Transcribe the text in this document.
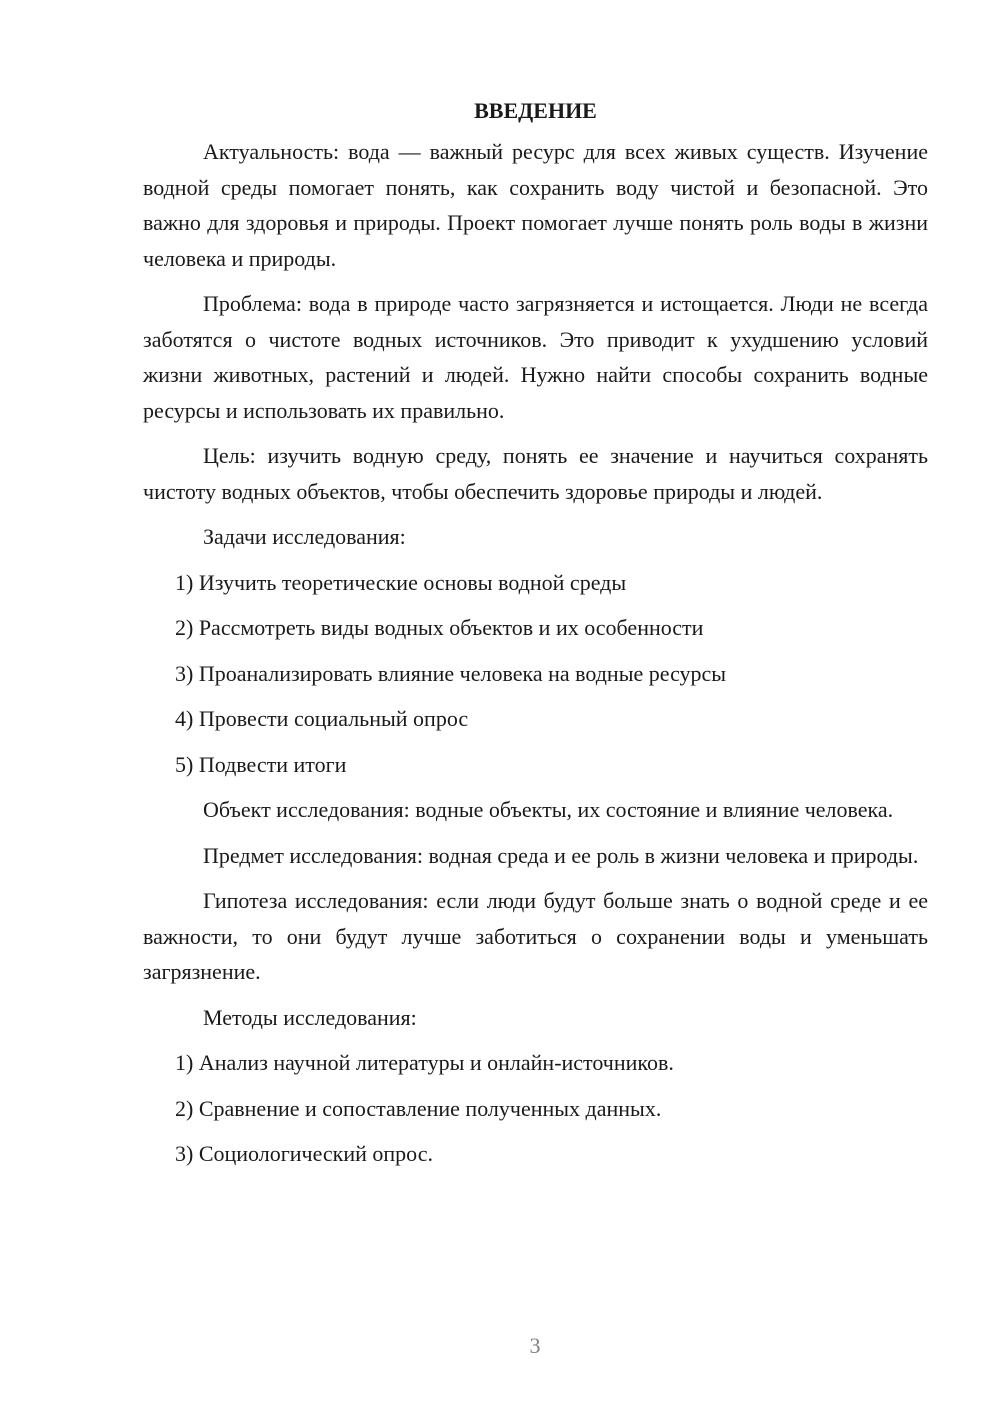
ВВЕДЕНИЕ

Актуальность: вода — важный ресурс для всех живых существ. Изучение водной среды помогает понять, как сохранить воду чистой и безопасной. Это важно для здоровья и природы. Проект помогает лучше понять роль воды в жизни человека и природы.

Проблема: вода в природе часто загрязняется и истощается. Люди не всегда заботятся о чистоте водных источников. Это приводит к ухудшению условий жизни животных, растений и людей. Нужно найти способы сохранить водные ресурсы и использовать их правильно.

Цель: изучить водную среду, понять ее значение и научиться сохранять чистоту водных объектов, чтобы обеспечить здоровье природы и людей.

Задачи исследования:

1) Изучить теоретические основы водной среды
2) Рассмотреть виды водных объектов и их особенности
3) Проанализировать влияние человека на водные ресурсы
4) Провести социальный опрос
5) Подвести итоги

Объект исследования: водные объекты, их состояние и влияние человека.

Предмет исследования: водная среда и ее роль в жизни человека и природы.

Гипотеза исследования: если люди будут больше знать о водной среде и ее важности, то они будут лучше заботиться о сохранении воды и уменьшать загрязнение.

Методы исследования:

1) Анализ научной литературы и онлайн-источников.
2) Сравнение и сопоставление полученных данных.
3) Социологический опрос.
3
